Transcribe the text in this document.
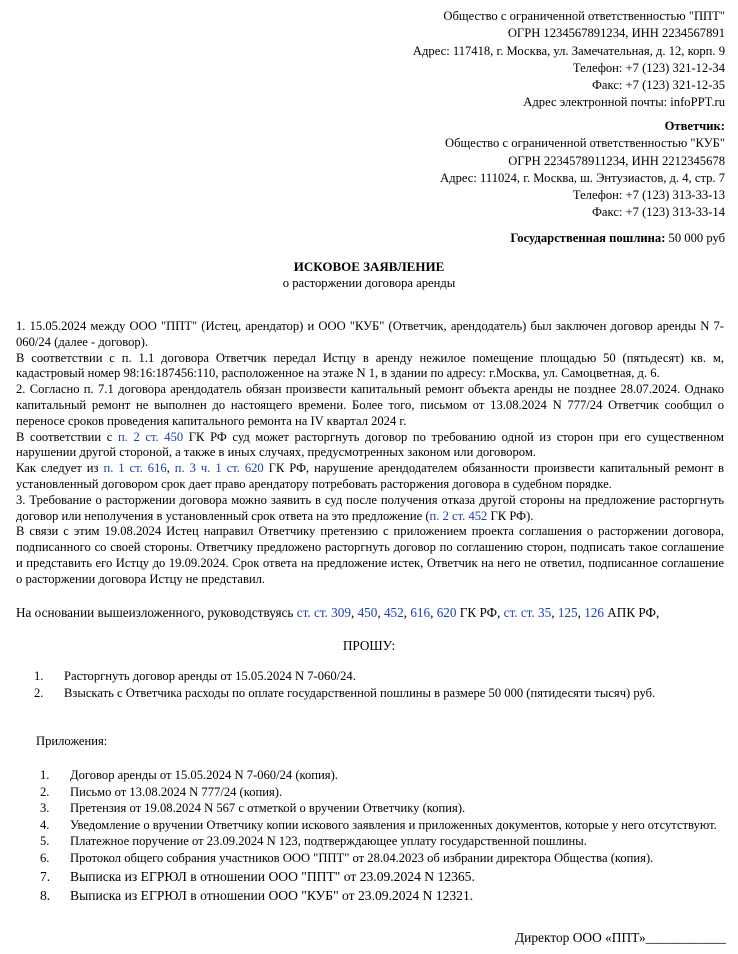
Общество с ограниченной ответственностью "ППТ"
ОГРН 1234567891234, ИНН 2234567891
Адрес: 117418, г. Москва, ул. Замечательная, д. 12, корп. 9
Телефон: +7 (123) 321-12-34
Факс: +7 (123) 321-12-35
Адрес электронной почты: infoPPT.ru
Ответчик:
Общество с ограниченной ответственностью "КУБ"
ОГРН 2234578911234, ИНН 2212345678
Адрес: 111024, г. Москва, ш. Энтузиастов, д. 4, стр. 7
Телефон: +7 (123) 313-33-13
Факс: +7 (123) 313-33-14
Государственная пошлина: 50 000 руб
ИСКОВОЕ ЗАЯВЛЕНИЕ
о расторжении договора аренды

1. 15.05.2024 между ООО "ППТ" (Истец, арендатор) и ООО "КУБ" (Ответчик, арендодатель) был заключен договор аренды N 7-060/24 (далее - договор).

В соответствии с п. 1.1 договора Ответчик передал Истцу в аренду нежилое помещение площадью 50 (пятьдесят) кв. м, кадастровый номер 98:16:187456:110, расположенное на этаже N 1, в здании по адресу: г.Москва, ул. Самоцветная, д. 6.

2. Согласно п. 7.1 договора арендодатель обязан произвести капитальный ремонт объекта аренды не позднее 28.07.2024. Однако капитальный ремонт не выполнен до настоящего времени. Более того, письмом от 13.08.2024 N 777/24 Ответчик сообщил о переносе сроков проведения капитального ремонта на IV квартал 2024 г.

В соответствии с п. 2 ст. 450 ГК РФ суд может расторгнуть договор по требованию одной из сторон при его существенном нарушении другой стороной, а также в иных случаях, предусмотренных законом или договором.

Как следует из п. 1 ст. 616, п. 3 ч. 1 ст. 620 ГК РФ, нарушение арендодателем обязанности произвести капитальный ремонт в установленный договором срок дает право арендатору потребовать расторжения договора в судебном порядке.

3. Требование о расторжении договора можно заявить в суд после получения отказа другой стороны на предложение расторгнуть договор или неполучения в установленный срок ответа на это предложение (п. 2 ст. 452 ГК РФ).

В связи с этим 19.08.2024 Истец направил Ответчику претензию с приложением проекта соглашения о расторжении договора, подписанного со своей стороны. Ответчику предложено расторгнуть договор по соглашению сторон, подписать такое соглашение и представить его Истцу до 19.09.2024. Срок ответа на предложение истек, Ответчик на него не ответил, подписанное соглашение о расторжении договора Истцу не представил.

На основании вышеизложенного, руководствуясь ст. ст. 309, 450, 452, 616, 620 ГК РФ, ст. ст. 35, 125, 126 АПК РФ,
ПРОШУ:
1. Расторгнуть договор аренды от 15.05.2024 N 7-060/24.
2. Взыскать с Ответчика расходы по оплате государственной пошлины в размере 50 000 (пятидесяти тысяч) руб.
Приложения:
1. Договор аренды от 15.05.2024 N 7-060/24 (копия).
2. Письмо от 13.08.2024 N 777/24 (копия).
3. Претензия от 19.08.2024 N 567 с отметкой о вручении Ответчику (копия).
4. Уведомление о вручении Ответчику копии искового заявления и приложенных документов, которые у него отсутствуют.
5. Платежное поручение от 23.09.2024 N 123, подтверждающее уплату государственной пошлины.
6. Протокол общего собрания участников ООО "ППТ" от 28.04.2023 об избрании директора Общества (копия).
7. Выписка из ЕГРЮЛ в отношении ООО "ППТ" от 23.09.2024 N 12365.
8. Выписка из ЕГРЮЛ в отношении ООО "КУБ" от 23.09.2024 N 12321.
Директор ООО «ППТ»____________
